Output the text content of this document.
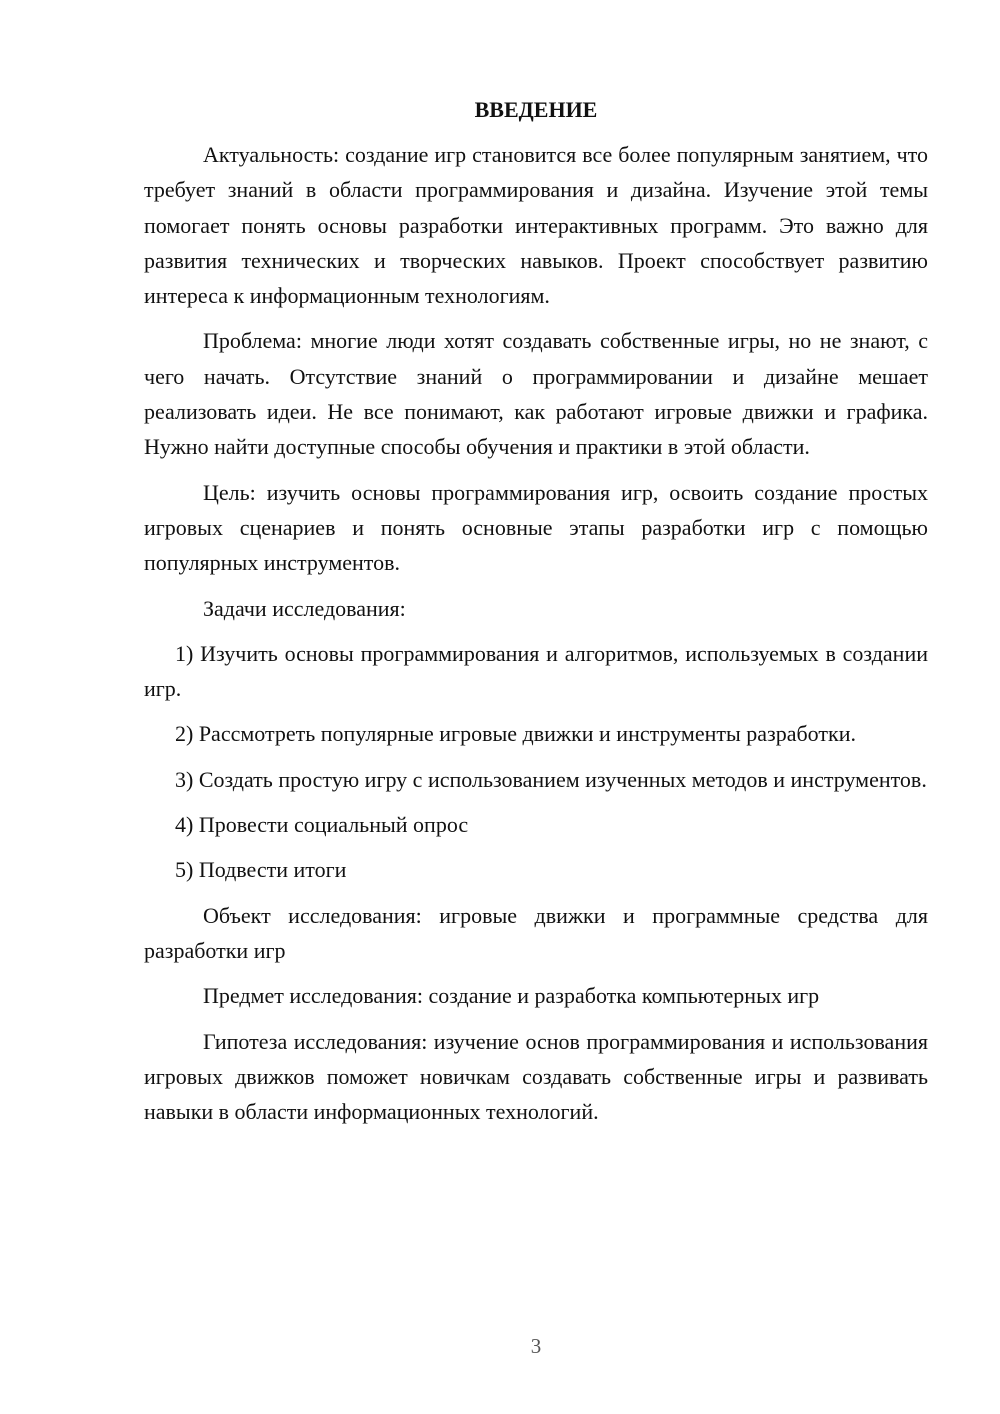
ВВЕДЕНИЕ

Актуальность: создание игр становится все более популярным занятием, что требует знаний в области программирования и дизайна. Изучение этой темы помогает понять основы разработки интерактивных программ. Это важно для развития технических и творческих навыков. Проект способствует развитию интереса к информационным технологиям.

Проблема: многие люди хотят создавать собственные игры, но не знают, с чего начать. Отсутствие знаний о программировании и дизайне мешает реализовать идеи. Не все понимают, как работают игровые движки и графика. Нужно найти доступные способы обучения и практики в этой области.

Цель: изучить основы программирования игр, освоить создание простых игровых сценариев и понять основные этапы разработки игр с помощью популярных инструментов.

Задачи исследования:

1) Изучить основы программирования и алгоритмов, используемых в создании игр.

2) Рассмотреть популярные игровые движки и инструменты разработки.

3) Создать простую игру с использованием изученных методов и инструментов.

4) Провести социальный опрос

5) Подвести итоги

Объект исследования: игровые движки и программные средства для разработки игр

Предмет исследования: создание и разработка компьютерных игр

Гипотеза исследования: изучение основ программирования и использования игровых движков поможет новичкам создавать собственные игры и развивать навыки в области информационных технологий.

3
